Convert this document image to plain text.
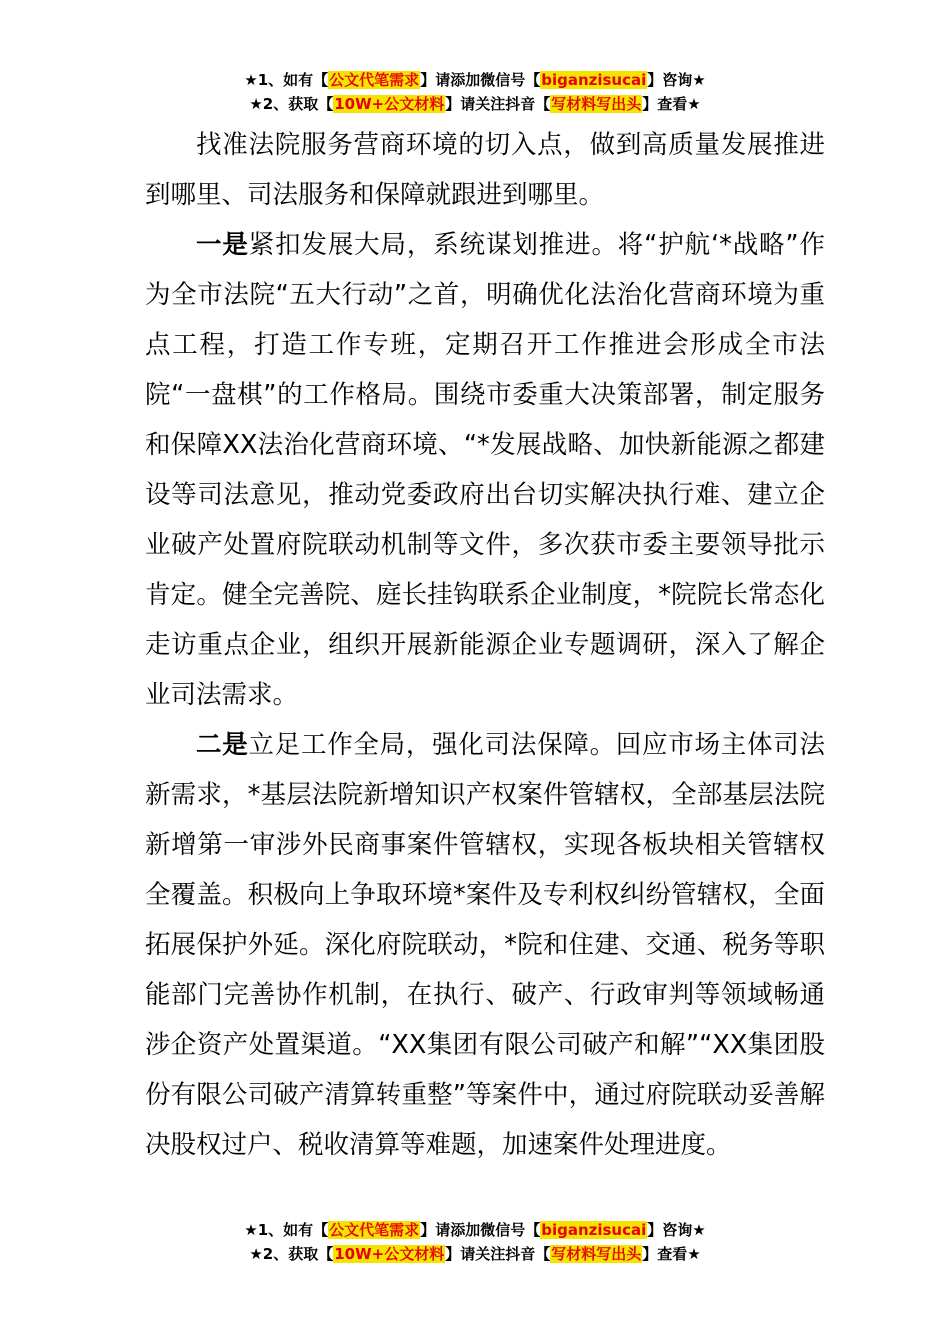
★1、如有【公文代笔需求】请添加微信号【biganzisucai】咨询★
★2、获取【10W+公文材料】请关注抖音【写材料写出头】查看★

找准法院服务营商环境的切入点，做到高质量发展推进到哪里、司法服务和保障就跟进到哪里。

一是紧扣发展大局，系统谋划推进。将“护航‘*战略”作为全市法院“五大行动”之首，明确优化法治化营商环境为重点工程，打造工作专班，定期召开工作推进会形成全市法院“一盘棋”的工作格局。围绕市委重大决策部署，制定服务和保障XX法治化营商环境、“*发展战略、加快新能源之都建设等司法意见，推动党委政府出台切实解决执行难、建立企业破产处置府院联动机制等文件，多次获市委主要领导批示肯定。健全完善院、庭长挂钩联系企业制度，*院院长常态化走访重点企业，组织开展新能源企业专题调研，深入了解企业司法需求。

二是立足工作全局，强化司法保障。回应市场主体司法新需求，*基层法院新增知识产权案件管辖权，全部基层法院新增第一审涉外民商事案件管辖权，实现各板块相关管辖权全覆盖。积极向上争取环境*案件及专利权纠纷管辖权，全面拓展保护外延。深化府院联动，*院和住建、交通、税务等职能部门完善协作机制，在执行、破产、行政审判等领域畅通涉企资产处置渠道。“XX集团有限公司破产和解”“XX集团股份有限公司破产清算转重整”等案件中，通过府院联动妥善解决股权过户、税收清算等难题，加速案件处理进度。

★1、如有【公文代笔需求】请添加微信号【biganzisucai】咨询★
★2、获取【10W+公文材料】请关注抖音【写材料写出头】查看★
